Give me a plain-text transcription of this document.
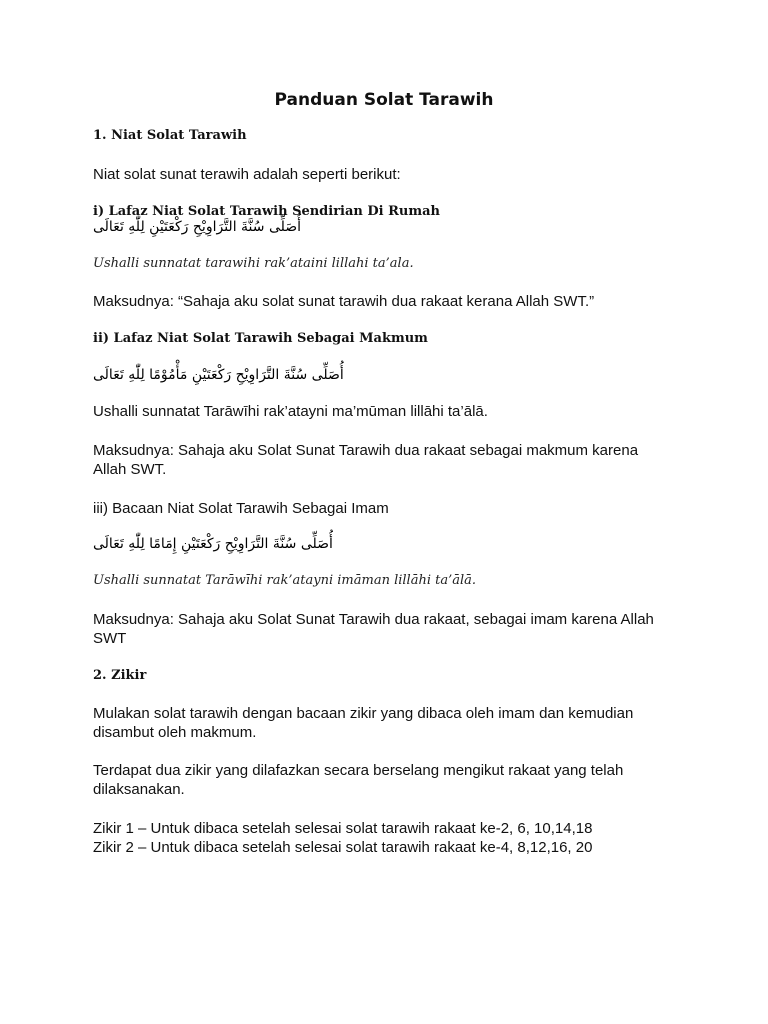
Panduan Solat Tarawih
1. Niat Solat Tarawih
Niat solat sunat terawih adalah seperti berikut:
i) Lafaz Niat Solat Tarawih Sendirian Di Rumah
أُصَلِّى سُنَّةَ التَّرَاوِيْحِ رَكْعَتَيْنِ لِلّٰهِ تَعَالَى
Ushalli sunnatat tarawihi rak’ataini lillahi ta’ala.
Maksudnya: “Sahaja aku solat sunat tarawih dua rakaat kerana Allah SWT.”
ii) Lafaz Niat Solat Tarawih Sebagai Makmum
أُصَلِّى سُنَّةَ التَّرَاوِيْحِ رَكْعَتَيْنِ مَأْمُوْمًا لِلّٰهِ تَعَالَى
Ushalli sunnatat Tarāwīhi rak’atayni ma’mūman lillāhi ta’ālā.
Maksudnya: Sahaja aku Solat Sunat Tarawih dua rakaat sebagai makmum karena Allah SWT.
iii) Bacaan Niat Solat Tarawih Sebagai Imam
أُصَلِّى سُنَّةَ التَّرَاوِيْحِ رَكْعَتَيْنِ إِمَامًا لِلّٰهِ تَعَالَى
Ushalli sunnatat Tarāwīhi rak’atayni imāman lillāhi ta’ālā.
Maksudnya: Sahaja aku Solat Sunat Tarawih dua rakaat, sebagai imam karena Allah SWT
2. Zikir
Mulakan solat tarawih dengan bacaan zikir yang dibaca oleh imam dan kemudian disambut oleh makmum.
Terdapat dua zikir yang dilafazkan secara berselang mengikut rakaat yang telah dilaksanakan.
Zikir 1 – Untuk dibaca setelah selesai solat tarawih rakaat ke-2, 6, 10,14,18
Zikir 2 – Untuk dibaca setelah selesai solat tarawih rakaat ke-4, 8,12,16, 20
